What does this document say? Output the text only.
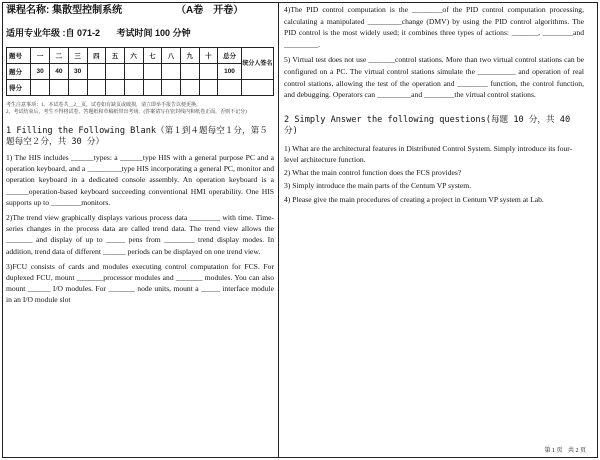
课程名称: 集散型控制系统	（A卷　开卷）
适用专业年级 :自 071-2 考试时间 100 分钟
题号	一	二	三	四	五	六	七	八	九	十	总分	统分人签名
题分	30	40	30								100	
得分												
考生注意事项：1、本试卷共＿2＿页，试卷如有缺页或破损，请立即举手报告以便更换。
2、考试结束后，考生不得将试卷、答题纸和草稿纸带出考场。(答案请写在密封线内和纸卷正面，否则不记分)
1 Filling the Following Blank（第１到４题每空１分，第５题每空２分，共 30 分）
1) The HIS includes ______types: a ______type HIS with a general purpose PC and a operation keyboard, and a _________type HIS incorporating a general PC, monitor and operation keyboard in a dedicated console assembly. An operation keyboard is a ______operation-based keyboard succeeding conventional HMI operability. One HIS supports up to ________monitors.
2)The trend view graphically displays various process data ________ with time. Time-series changes in the process data are called trend data. The trend view allows the _______ and display of up to _____ pens from ________ trend display modes. In addition, trend data of different ______ periods can be displayed on one trend view.
3)FCU consists of cards and modules executing control computation for FCS. For duplexed FCU, mount _______processor modules and _______ modules. You can also mount ______ I/O modules. For _______ node units, mount a _____ interface module in an I/O module slot
4)The PID control computation is the ________of the PID control computation processing, calculating a manipulated _________change (DMV) by using the PID control algorithms. The PID control is the most widely used; it combines three types of actions: _______, ________and _________.
5) Virtual test does not use _______control stations. More than two virtual control stations can be configured on a PC. The virtual control stations simulate the __________ and operation of real control stations, allowing the test of the operation and ________ function, the control function, and debugging. Operators can _________and ________the virtual control stations.
2 Simply Answer the following questions(每题 10 分，共 40 分)
1) What are the architectural features in Distributed Control System. Simply introduce its four- level architecture function.
2) What the main control function does the FCS provides?
3) Simply introduce the main parts of the Centum VP system.
4) Please give the main procedures of creating a project in Centum VP system at Lab.
第 1 页 共 2 页
